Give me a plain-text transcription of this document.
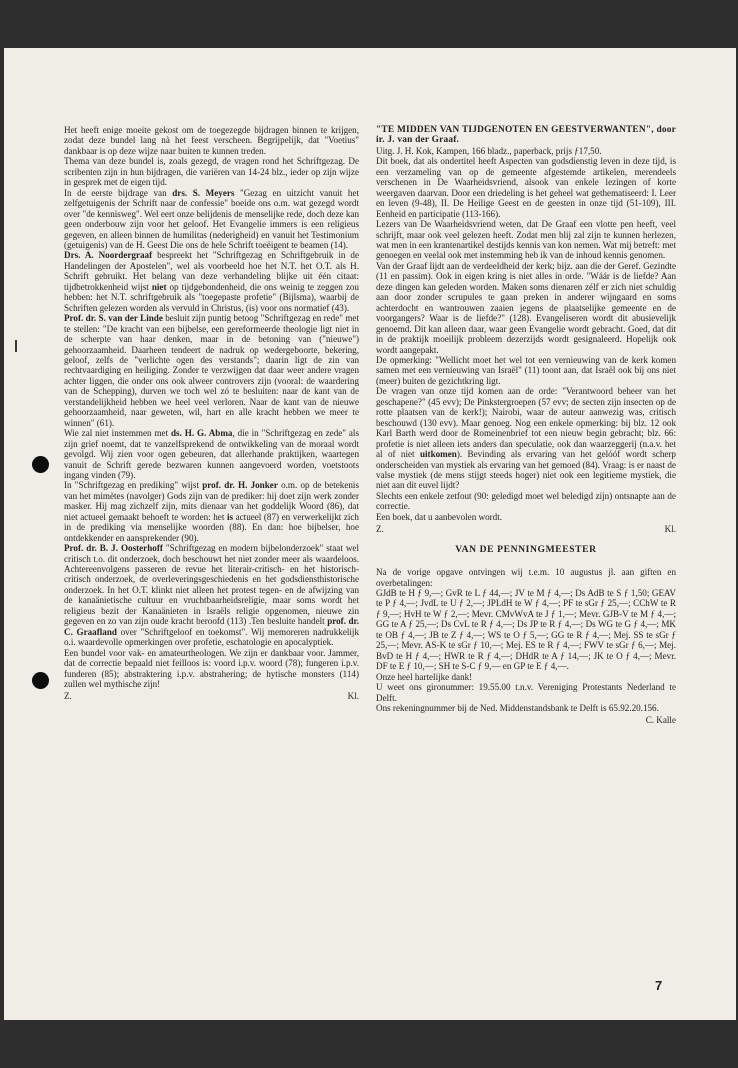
Het heeft enige moeite gekost om de toegezegde bijdragen binnen te krijgen, zodat deze bundel lang nà het feest verscheen. Begrijpelijk, dat "Voetius" dankbaar is op deze wijze naar buiten te kunnen treden.

Thema van deze bundel is, zoals gezegd, de vragen rond het Schriftgezag. De scribenten zijn in hun bijdragen, die variëren van 14-24 blz., ieder op zijn wijze in gesprek met de eigen tijd.

In de eerste bijdrage van drs. S. Meyers "Gezag en uitzicht vanuit het zelfgetuigenis der Schrift naar de confessie" boeide ons o.m. wat gezegd wordt over "de kennisweg". Wel eert onze belijdenis de menselijke rede, doch deze kan geen onderbouw zijn voor het geloof. Het Evangelie immers is een religieus gegeven, en alleen binnen de humilitas (nederigheid) en vanuit het Testimonium (getuigenis) van de H. Geest Die ons de hele Schrift toeëigent te beamen (14).

Drs. A. Noordergraaf bespreekt het "Schriftgezag en Schriftgebruik in de Handelingen der Apostelen", wel als voorbeeld hoe het N.T. het O.T. als H. Schrift gebruikt. Het belang van deze verhandeling blijke uit één citaat: tijdbetrokkenheid wijst niet op tijdgebondenheid, die ons weinig te zeggen zou hebben: het N.T. schriftgebruik als "toegepaste profetie" (Bijlsma), waarbij de Schriften gelezen worden als vervuld in Christus, (is) voor ons normatief (43).

Prof. dr. S. van der Linde besluit zijn puntig betoog "Schriftgezag en rede" met te stellen: "De kracht van een bijbelse, een gereformeerde theologie ligt niet in de scherpte van haar denken, maar in de betoning van ("nieuwe") gehoorzaamheid. Daarheen tendeert de nadruk op wedergeboorte, bekering, geloof, zelfs de "verlichte ogen des verstands"; daarin ligt de zin van rechtvaardiging en heiliging. Zonder te verzwijgen dat daar weer andere vragen achter liggen, die onder ons ook alweer controvers zijn (vooral: de waardering van de Schepping), durven we toch wel zó te besluiten: naar de kant van de verstandelijkheid hebben we heel veel verloren. Naar de kant van de nieuwe gehoorzaamheid, naar geweten, wil, hart en alle kracht hebben we meer te winnen" (61).

Wie zal niet instemmen met ds. H. G. Abma, die in "Schriftgezag en zede" als zijn grief noemt, dat te vanzelfsprekend de ontwikkeling van de moraal wordt gevolgd. Wij zien voor ogen gebeuren, dat allerhande praktijken, waartegen vanuit de Schrift gerede bezwaren kunnen aangevoerd worden, voetstoots ingang vinden (79).

In "Schriftgezag en prediking" wijst prof. dr. H. Jonker o.m. op de betekenis van het mimètes (navolger) Gods zijn van de prediker: hij doet zijn werk zonder masker. Hij mag zichzelf zijn, mits dienaar van het goddelijk Woord (86), dat niet actueel gemaakt behoeft te worden: het is actueel (87) en verwerkelijkt zich in de prediking via menselijke woorden (88). En dan: hoe bijbelser, hoe ontdekkender en aansprekender (90).

Prof. dr. B. J. Oosterhoff "Schriftgezag en modern bijbelonderzoek" staat wel critisch t.o. dit onderzoek, doch beschouwt het niet zonder meer als waardeloos. Achtereenvolgens passeren de revue het literair-critisch- en het historisch-critisch onderzoek, de overleveringsgeschiedenis en het godsdiensthistorische onderzoek. In het O.T. klinkt niet alleen het protest tegen- en de afwijzing van de kanaänietische cultuur en vruchtbaarheidsreligie, maar soms wordt het religieus bezit der Kanaänieten in Israëls religie opgenomen, nieuwe zin gegeven en zo van zijn oude kracht beroofd (113) .Ten besluite handelt prof. dr. C. Graafland over "Schriftgeloof en toekomst". Wij memoreren nadrukkelijk o.i. waardevolle opmerkingen over profetie, eschatologie en apocalyptiek.

Een bundel voor vak- en amateurtheologen. We zijn er dankbaar voor. Jammer, dat de correctie bepaald niet feilloos is: voord i.p.v. woord (78); fungeren i.p.v. funderen (85); abstraktering i.p.v. abstrahering; de hytische monsters (114) zullen wel mythische zijn!

Z.	Kl.

"TE MIDDEN VAN TIJDGENOTEN EN GEESTVERWANTEN", door ir. J. van der Graaf.

Uitg. J. H. Kok, Kampen, 166 bladz., paperback, prijs ƒ17,50.

Dit boek, dat als ondertitel heeft Aspecten van godsdienstig leven in deze tijd, is een verzameling van op de gemeente afgestemde artikelen, merendeels verschenen in De Waarheidsvriend, alsook van enkele lezingen of korte weergaven daarvan. Door een driedeling is het geheel wat gethematiseerd: I. Leer en leven (9-48), II. De Heilige Geest en de geesten in onze tijd (51-109), III. Eenheid en participatie (113-166).

Lezers van De Waarheidsvriend weten, dat De Graaf een vlotte pen heeft, veel schrijft, maar ook veel gelezen heeft. Zodat men blij zal zijn te kunnen herlezen, wat men in een krantenartikel destijds kennis van kon nemen. Wat mij betreft: met genoegen en veelal ook met instemming heb ik van de inhoud kennis genomen.

Van der Graaf lijdt aan de verdeeldheid der kerk; bijz. aan die der Geref. Gezindte (11 en passim). Ook in eigen kring is niet alles in orde. "Wáár is de liefde? Aan deze dingen kan geleden worden. Maken soms dienaren zélf er zich niet schuldig aan door zonder scrupules te gaan preken in anderer wijngaard en soms achterdocht en wantrouwen zaaien jegens de plaatselijke gemeente en de voorgangers? Waar is de liefde?" (128). Evangeliseren wordt dit abusievelijk genoemd. Dit kan alleen daar, waar geen Evangelie wordt gebracht. Goed, dat dit in de praktijk moeilijk probleem dezerzijds wordt gesignaleerd. Hopelijk ook wordt aangepakt.

De opmerking: "Wellicht moet het wel tot een vernieuwing van de kerk komen samen met een vernieuwing van Israël" (11) toont aan, dat Israël ook bij ons niet (meer) buiten de gezichtkring ligt.

De vragen van onze tijd komen aan de orde: "Verantwoord beheer van het geschapene?" (45 evv); De Pinkstergroepen (57 evv; de secten zijn insecten op de rotte plaatsen van de kerk!); Nairobi, waar de auteur aanwezig was, critisch beschouwd (130 evv). Maar genoeg. Nog een enkele opmerking: bij blz. 12 ook Karl Barth werd door de Romeinenbrief tot een nieuw begin gebracht; blz. 66: profetie is niet alleen iets anders dan speculatie, ook dan waarzeggerij (n.a.v. het al of niet uitkomen). Bevinding als ervaring van het gelóóf wordt scherp onderscheiden van mystiek als ervaring van het gemoed (84). Vraag: is er naast de valse mystiek (de mens stijgt steeds hoger) niet ook een legitieme mystiek, die niet aan dit euvel lijdt?

Slechts een enkele zetfout (90: geledigd moet wel beledigd zijn) ontsnapte aan de correctie.

Een boek, dat u aanbevolen wordt.

Z.	Kl.
VAN DE PENNINGMEESTER

Na de vorige opgave ontvingen wij t.e.m. 10 augustus jl. aan giften en overbetalingen:

GJdB te H ƒ 9,—; GvR te L ƒ 44,—; JV te M ƒ 4,—; Ds AdB te S ƒ 1,50; GEAV te P ƒ 4,—; JvdL te U ƒ 2,—; JPLdH te W ƒ 4,—; PF te sGr ƒ 25,—; CChW te R ƒ 9,—; HvH te W ƒ 2,—; Mevr. CMvWvA te J ƒ 1,—; Mevr. GJB-V te M ƒ 4,—; GG te A ƒ 25,—; Ds CvL te R ƒ 4,—; Ds JP te R ƒ 4,—; Ds WG te G ƒ 4,—; MK te OB ƒ 4,—; JB te Z ƒ 4,—; WS te O ƒ 5,—; GG te R ƒ 4,—; Mej. SS te sGr ƒ 25,—; Mevr. AS-K te sGr ƒ 10,—; Mej. ES te R ƒ 4,—; FWV te sGr ƒ 6,—; Mej. BvD te H ƒ 4,—; HWR te R ƒ 4,—; DHdR te A ƒ 14,—; JK te O ƒ 4,—; Mevr. DF te E ƒ 10,—; SH te S-C ƒ 9,— en GP te E ƒ 4,—.

Onze heel hartelijke dank!

U weet ons gironummer: 19.55.00 t.n.v. Vereniging Protestants Nederland te Delft.

Ons rekeningnummer bij de Ned. Middenstandsbank te Delft is 65.92.20.156.

C. Kalle
7
